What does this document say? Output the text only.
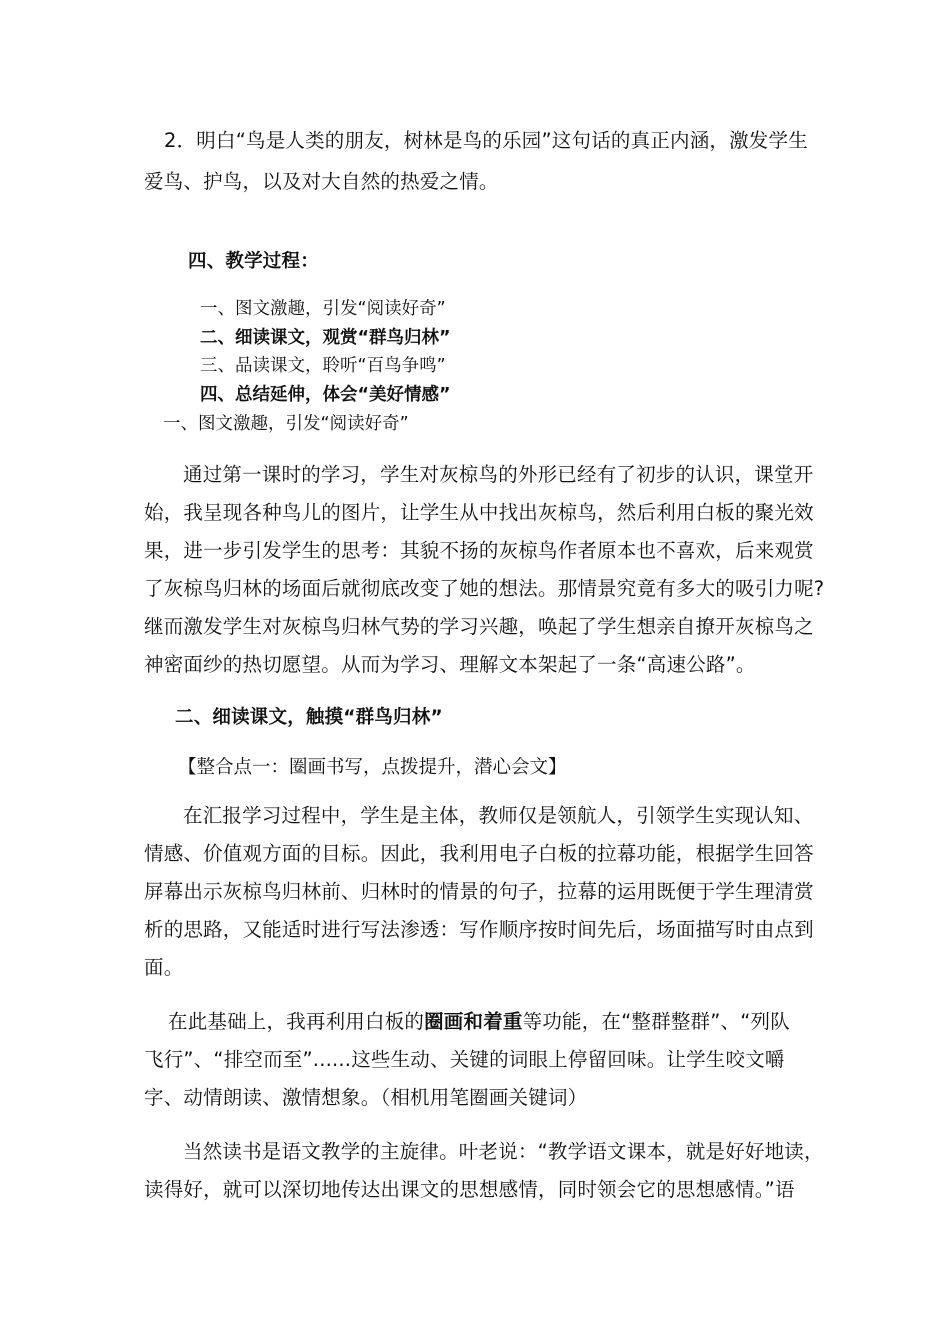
2．明白“鸟是人类的朋友，树林是鸟的乐园”这句话的真正内涵，激发学生
爱鸟、护鸟，以及对大自然的热爱之情。
四、教学过程：
一、图文激趣，引发“阅读好奇”
二、细读课文，观赏“群鸟归林”
三、品读课文，聆听“百鸟争鸣”
四、总结延伸，体会“美好情感”
一、图文激趣，引发“阅读好奇”
通过第一课时的学习，学生对灰椋鸟的外形已经有了初步的认识，课堂开
始，我呈现各种鸟儿的图片，让学生从中找出灰椋鸟，然后利用白板的聚光效
果，进一步引发学生的思考：其貌不扬的灰椋鸟作者原本也不喜欢，后来观赏
了灰椋鸟归林的场面后就彻底改变了她的想法。那情景究竟有多大的吸引力呢?
继而激发学生对灰椋鸟归林气势的学习兴趣，唤起了学生想亲自撩开灰椋鸟之
神密面纱的热切愿望。从而为学习、理解文本架起了一条“高速公路”。
二、细读课文，触摸“群鸟归林”
【整合点一：圈画书写，点拨提升，潜心会文】
在汇报学习过程中，学生是主体，教师仅是领航人，引领学生实现认知、
情感、价值观方面的目标。因此，我利用电子白板的拉幕功能，根据学生回答
屏幕出示灰椋鸟归林前、归林时的情景的句子，拉幕的运用既便于学生理清赏
析的思路，又能适时进行写法渗透：写作顺序按时间先后，场面描写时由点到
面。
在此基础上，我再利用白板的圈画和着重等功能，在“整群整群”、“列队
飞行”、“排空而至”......这些生动、关键的词眼上停留回味。让学生咬文嚼
字、动情朗读、激情想象。（相机用笔圈画关键词）
当然读书是语文教学的主旋律。叶老说：“教学语文课本，就是好好地读，
读得好，就可以深切地传达出课文的思想感情，同时领会它的思想感情。”语
